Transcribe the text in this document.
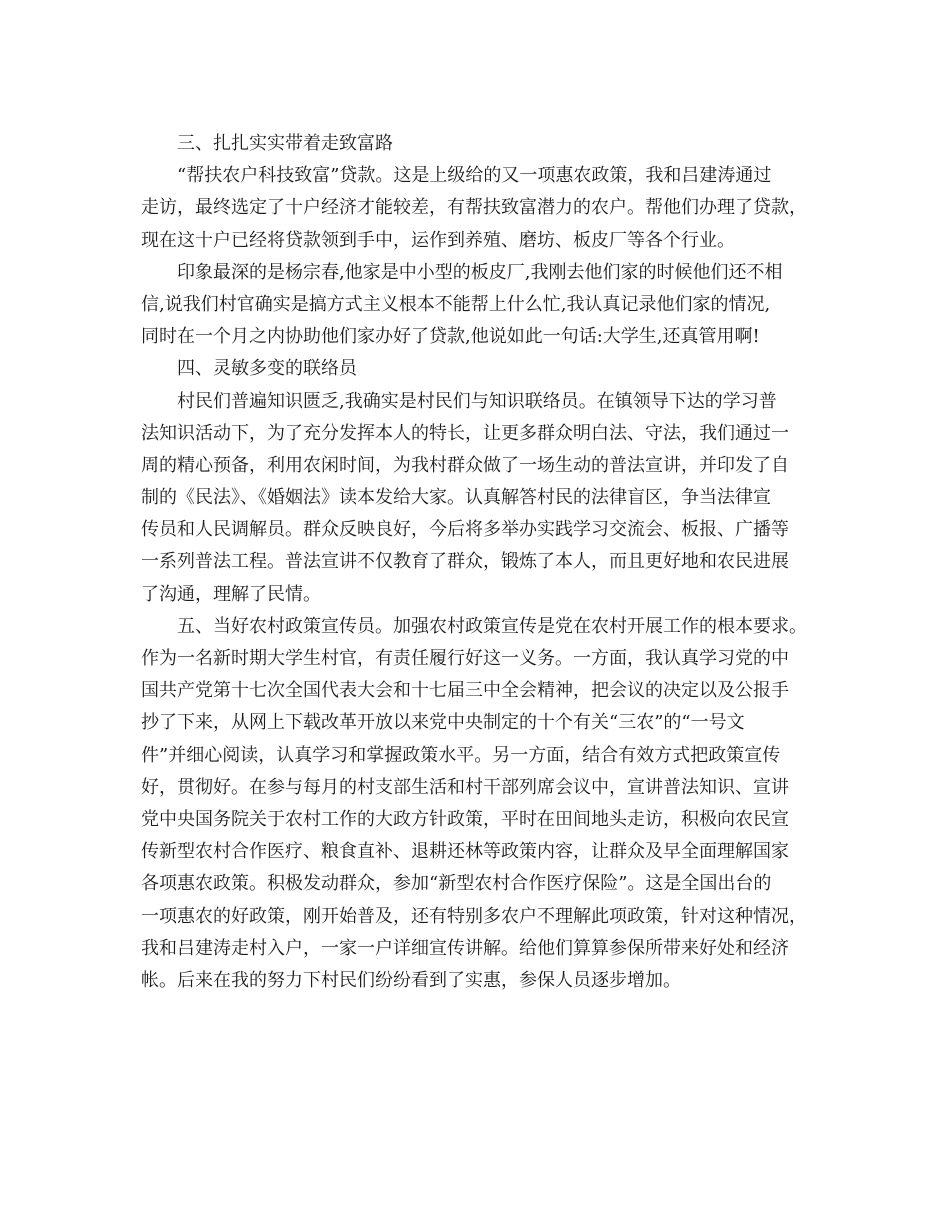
三、扎扎实实带着走致富路
“帮扶农户科技致富”贷款。这是上级给的又一项惠农政策，我和吕建涛通过
走访，最终选定了十户经济才能较差，有帮扶致富潜力的农户。帮他们办理了贷款，
现在这十户已经将贷款领到手中，运作到养殖、磨坊、板皮厂等各个行业。
印象最深的是杨宗春,他家是中小型的板皮厂,我刚去他们家的时候他们还不相
信,说我们村官确实是搞方式主义根本不能帮上什么忙,我认真记录他们家的情况,
同时在一个月之内协助他们家办好了贷款,他说如此一句话:大学生,还真管用啊!
四、灵敏多变的联络员
村民们普遍知识匮乏,我确实是村民们与知识联络员。在镇领导下达的学习普
法知识活动下，为了充分发挥本人的特长，让更多群众明白法、守法，我们通过一
周的精心预备，利用农闲时间，为我村群众做了一场生动的普法宣讲，并印发了自
制的《民法》、《婚姻法》读本发给大家。认真解答村民的法律盲区，争当法律宣
传员和人民调解员。群众反映良好，今后将多举办实践学习交流会、板报、广播等
一系列普法工程。普法宣讲不仅教育了群众，锻炼了本人，而且更好地和农民进展
了沟通，理解了民情。
五、当好农村政策宣传员。加强农村政策宣传是党在农村开展工作的根本要求。
作为一名新时期大学生村官，有责任履行好这一义务。一方面，我认真学习党的中
国共产党第十七次全国代表大会和十七届三中全会精神，把会议的决定以及公报手
抄了下来，从网上下载改革开放以来党中央制定的十个有关“三农”的“一号文
件”并细心阅读，认真学习和掌握政策水平。另一方面，结合有效方式把政策宣传
好，贯彻好。在参与每月的村支部生活和村干部列席会议中，宣讲普法知识、宣讲
党中央国务院关于农村工作的大政方针政策，平时在田间地头走访，积极向农民宣
传新型农村合作医疗、粮食直补、退耕还林等政策内容，让群众及早全面理解国家
各项惠农政策。积极发动群众，参加“新型农村合作医疗保险”。这是全国出台的
一项惠农的好政策，刚开始普及，还有特别多农户不理解此项政策，针对这种情况，
我和吕建涛走村入户，一家一户详细宣传讲解。给他们算算参保所带来好处和经济
帐。后来在我的努力下村民们纷纷看到了实惠，参保人员逐步增加。
